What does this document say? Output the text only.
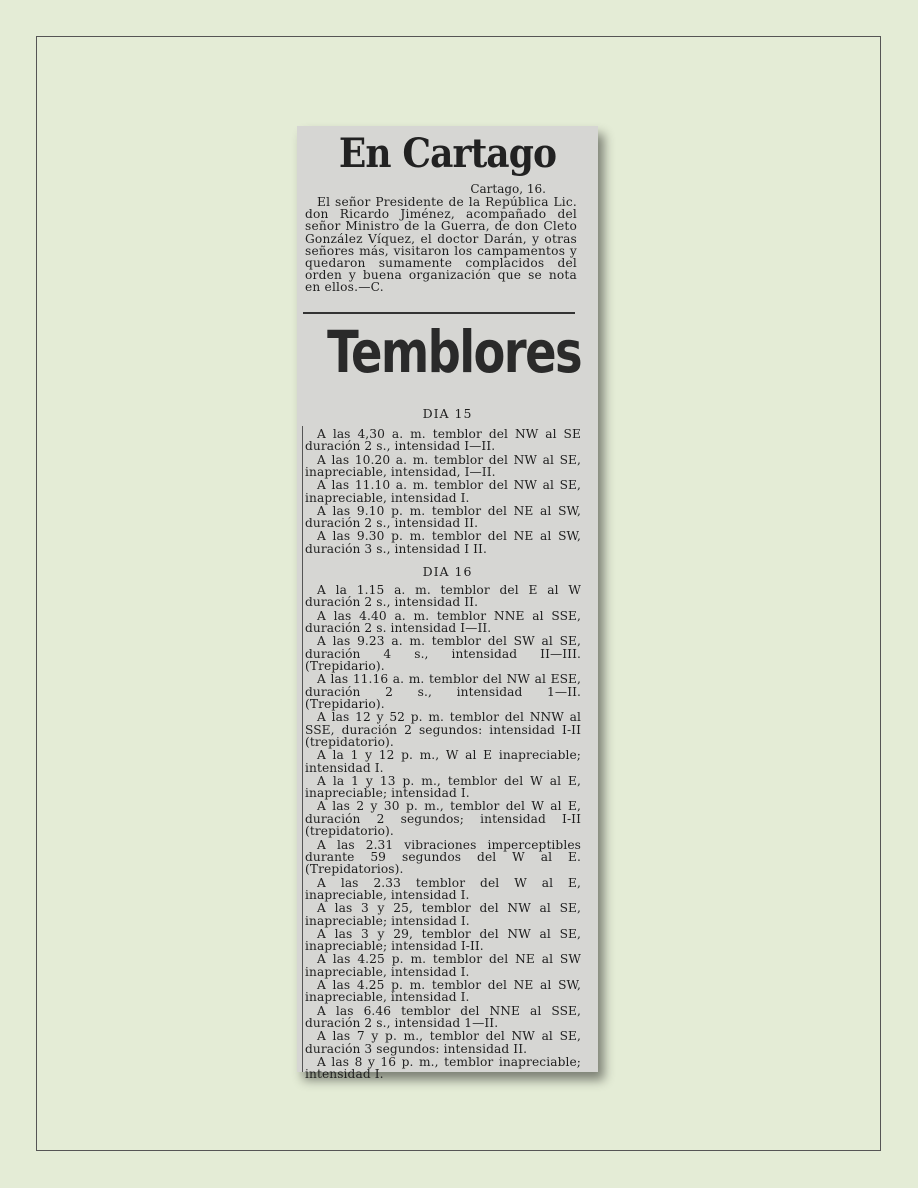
En Cartago

Cartago, 16.

El señor Presidente de la República Lic. don Ricardo Jiménez, acompañado del señor Ministro de la Guerra, de don Cleto González Víquez, el doctor Darán, y otras señores más, visitaron los campamentos y quedaron sumamente complacidos del orden y buena organización que se nota en ellos.—C.

Temblores

DIA 15

A las 4,30 a. m. temblor del NW al SE duración 2 s., intensidad I—II.
A las 10.20 a. m. temblor del NW al SE, inapreciable, intensidad, I—II.
A las 11.10 a. m. temblor del NW al SE, inapreciable, intensidad I.
A las 9.10 p. m. temblor del NE al SW, duración 2 s., intensidad II.
A las 9.30 p. m. temblor del NE al SW, duración 3 s., intensidad I II.

DIA 16

A la 1.15 a. m. temblor del E al W duración 2 s., intensidad II.
A las 4.40 a. m. temblor NNE al SSE, duración 2 s. intensidad I—II.
A las 9.23 a. m. temblor del SW al SE, duración 4 s., intensidad II—III. (Trepidario).
A las 11.16 a. m. temblor del NW al ESE, duración 2 s., intensidad 1—II. (Trepidario).
A las 12 y 52 p. m. temblor del NNW al SSE, duración 2 segundos: intensidad I-II (trepidatorio).
A la 1 y 12 p. m., W al E inapreciable; intensidad I.
A la 1 y 13 p. m., temblor del W al E, inapreciable; intensidad I.
A las 2 y 30 p. m., temblor del W al E, duración 2 segundos; intensidad I-II (trepidatorio).
A las 2.31 vibraciones imperceptibles durante 59 segundos del W al E. (Trepidatorios).
A las 2.33 temblor del W al E, inapreciable, intensidad I.
A las 3 y 25, temblor del NW al SE, inapreciable; intensidad I.
A las 3 y 29, temblor del NW al SE, inapreciable; intensidad I-II.
A las 4.25 p. m. temblor del NE al SW inapreciable, intensidad I.
A las 4.25 p. m. temblor del NE al SW, inapreciable, intensidad I.
A las 6.46 temblor del NNE al SSE, duración 2 s., intensidad 1—II.
A las 7 y p. m., temblor del NW al SE, duración 3 segundos: intensidad II.
A las 8 y 16 p. m., temblor inapreciable; intensidad I.
